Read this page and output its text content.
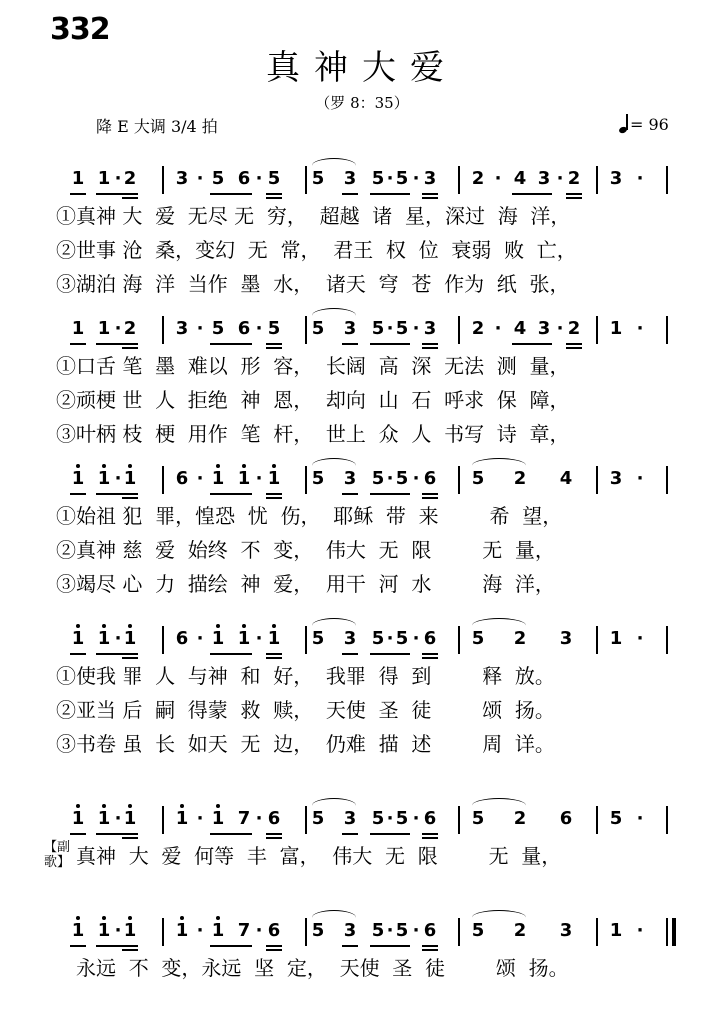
332
真神大爱
（罗 8：35）
降 E 大调 3/4 拍	= 96
【副歌】
1 1 2 3 5 6 5 5 3 5 5 3 2 4 3 2 3
·	·	·	· ·	·	·	·
①真神 大  爱  无尽 无  穷，  超越  诸  星，深过  海  洋，
②世事 沧  桑，变幻  无  常，  君王  权  位  衰弱  败  亡，
③湖泊 海  洋  当作  墨  水，  诸天  穹  苍  作为  纸  张，
1 1 2 3 5 6 5 5 3 5 5 3 2 4 3 2 1
·	·	·	· ·	·	·	·
①口舌 笔  墨  难以  形  容，  长阔  高  深  无法  测  量，
②顽梗 世  人  拒绝  神  恩，  却向  山  石  呼求  保  障，
③叶柄 枝  梗  用作  笔  杆，  世上  众  人  书写  诗  章，
1 1 1 6 1 1 1 5 3 5 5 6 5 2 4 3
·	·	·	· ·	·
①始祖 犯  罪，惶恐  忧  伤，  耶稣  带  来        希  望，
②真神 慈  爱  始终  不  变，  伟大  无  限        无  量，
③竭尽 心  力  描绘  神  爱，  用干  河  水        海  洋，
1 1 1 6 1 1 1 5 3 5 5 6 5 2 3 1
·	·	·	· ·	·
①使我 罪  人  与神  和  好，  我罪  得  到        释  放。
②亚当 后  嗣  得蒙  救  赎，  天使  圣  徒        颂  扬。
③书卷 虽  长  如天  无  边，  仍难  描  述        周  详。
1 1 1 1 1 7 6 5 3 5 5 6 5 2 6 5
·	·	·	· ·	·
真神  大  爱  何等  丰  富，  伟大  无  限        无  量，
1 1 1 1 1 7 6 5 3 5 5 6 5 2 3 1
·	·	·	· ·	·
永远  不  变，永远  坚  定，  天使  圣  徒        颂  扬。
